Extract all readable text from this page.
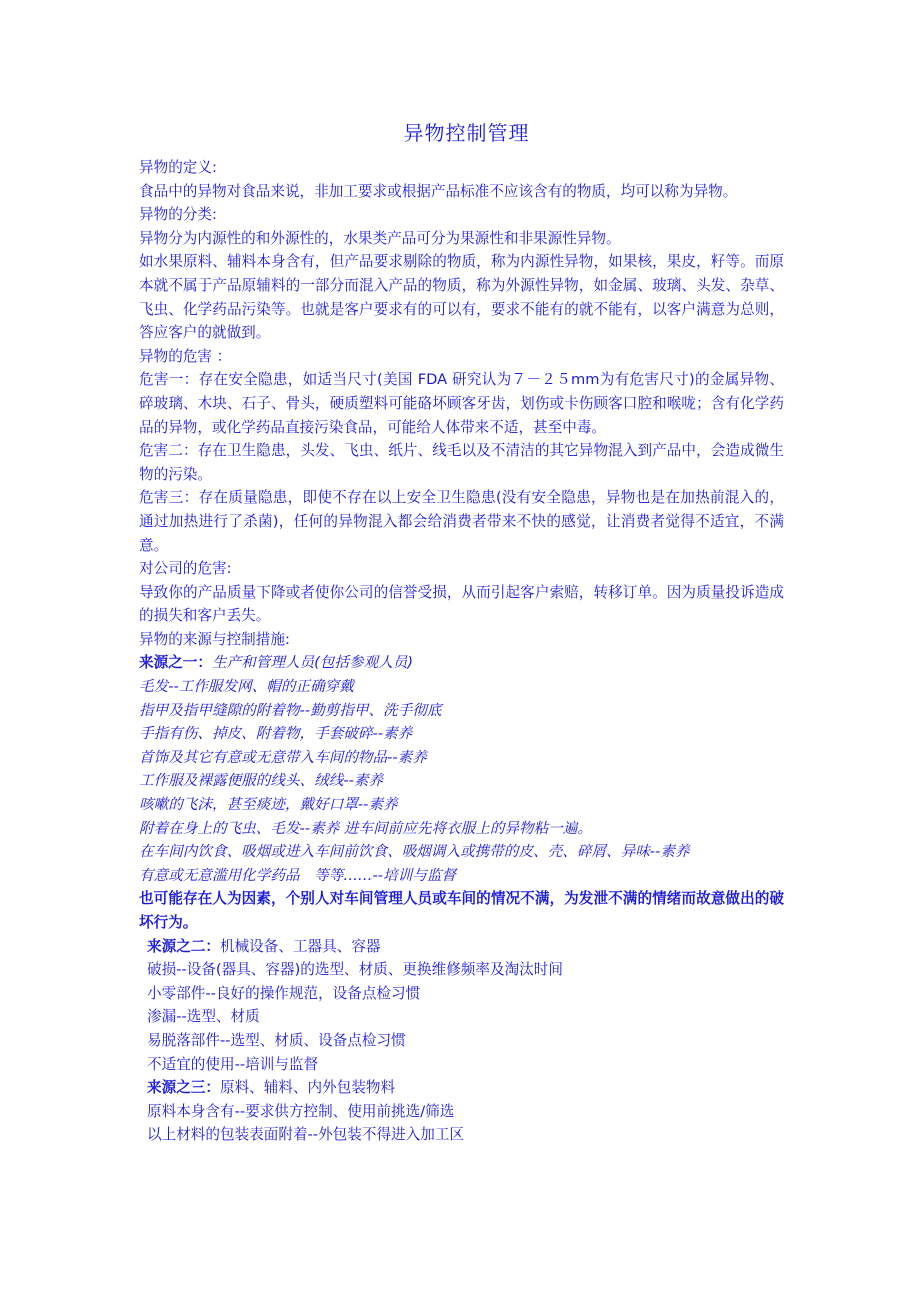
异物控制管理

异物的定义:

食品中的异物对食品来说，非加工要求或根据产品标准不应该含有的物质，均可以称为异物。

异物的分类:

异物分为内源性的和外源性的，水果类产品可分为果源性和非果源性异物。

如水果原料、辅料本身含有，但产品要求剔除的物质，称为内源性异物，如果核，果皮，籽等。而原本就不属于产品原辅料的一部分而混入产品的物质，称为外源性异物，如金属、玻璃、头发、杂草、飞虫、化学药品污染等。也就是客户要求有的可以有，要求不能有的就不能有，以客户满意为总则，答应客户的就做到。

异物的危害 ：

危害一：存在安全隐患，如适当尺寸(美国 FDA 研究认为７－２５mm为有危害尺寸)的金属异物、碎玻璃、木块、石子、骨头，硬质塑料可能硌坏顾客牙齿，划伤或卡伤顾客口腔和喉咙；含有化学药品的异物，或化学药品直接污染食品，可能给人体带来不适，甚至中毒。

危害二：存在卫生隐患，头发、飞虫、纸片、线毛以及不清洁的其它异物混入到产品中，会造成微生物的污染。

危害三：存在质量隐患，即使不存在以上安全卫生隐患(没有安全隐患，异物也是在加热前混入的，通过加热进行了杀菌)，任何的异物混入都会给消费者带来不快的感觉，让消费者觉得不适宜，不满意。

对公司的危害:

导致你的产品质量下降或者使你公司的信誉受损，从而引起客户索赔，转移订单。因为质量投诉造成的损失和客户丢失。

异物的来源与控制措施:

来源之一：生产和管理人员(包括参观人员)

毛发--工作服发网、帽的正确穿戴

指甲及指甲缝隙的附着物--勤剪指甲、洗手彻底

手指有伤、掉皮、附着物，手套破碎--素养

首饰及其它有意或无意带入车间的物品--素养

工作服及裸露便服的线头、绒线--素养

咳嗽的飞沫，甚至痰迹，戴好口罩--素养

附着在身上的飞虫、毛发--素养 进车间前应先将衣服上的异物粘一遍。

在车间内饮食、吸烟或进入车间前饮食、吸烟调入或携带的皮、壳、碎屑、异味--素养

有意或无意滥用化学药品　等等……--培训与监督

也可能存在人为因素，个别人对车间管理人员或车间的情况不满，为发泄不满的情绪而故意做出的破坏行为。

来源之二：机械设备、工器具、容器

破损--设备(器具、容器)的选型、材质、更换维修频率及淘汰时间

小零部件--良好的操作规范，设备点检习惯

渗漏--选型、材质

易脱落部件--选型、材质、设备点检习惯

不适宜的使用--培训与监督

来源之三：原料、辅料、内外包装物料

原料本身含有--要求供方控制、使用前挑选/筛选

以上材料的包装表面附着--外包装不得进入加工区
